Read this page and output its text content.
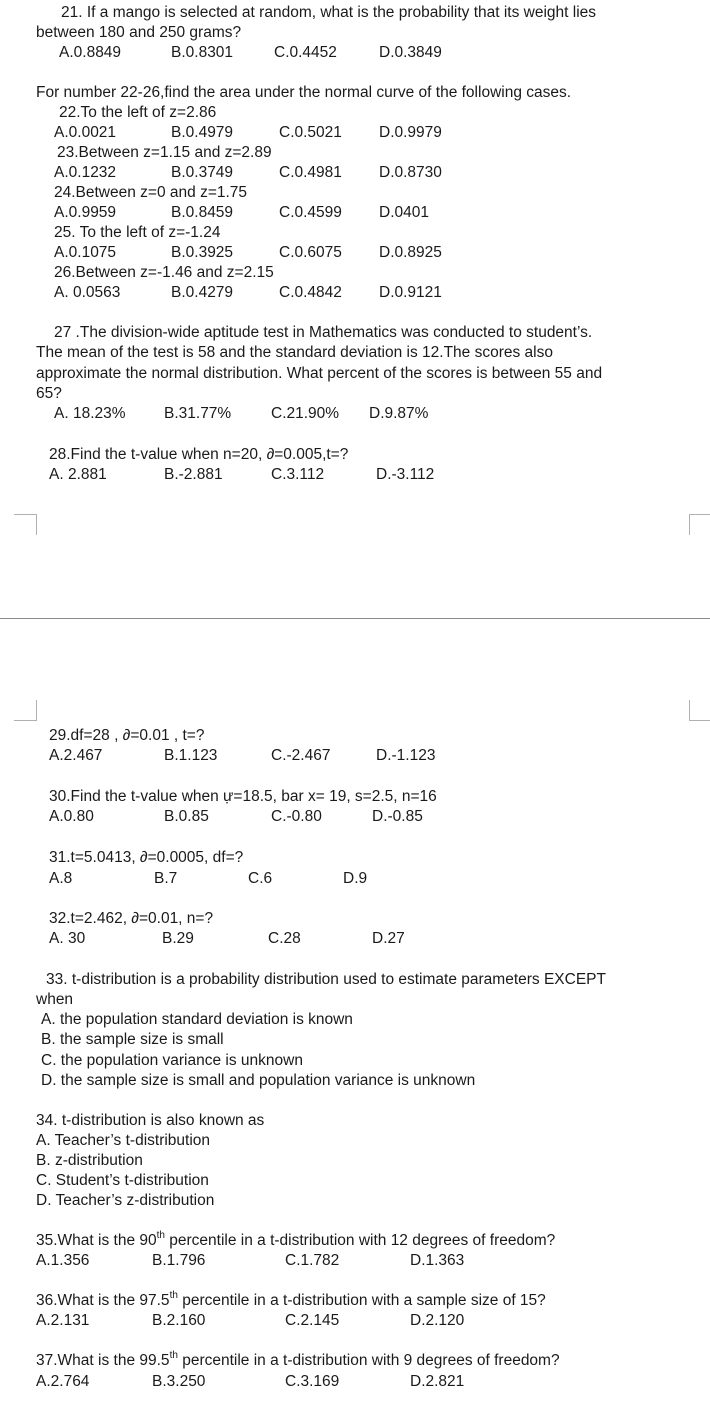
21. If a mango is selected at random, what is the probability that its weight lies
between 180 and 250 grams?
A.0.8849	B.0.8301	C.0.4452	D.0.3849
For number 22-26,find the area under the normal curve of the following cases.
22.To the left of z=2.86
A.0.0021	B.0.4979	C.0.5021 D.0.9979
23.Between z=1.15 and z=2.89
A.0.1232	B.0.3749	C.0.4981 D.0.8730
24.Between z=0 and z=1.75
A.0.9959	B.0.8459	C.0.4599 D.0401
25. To the left of z=-1.24
A.0.1075	B.0.3925	C.0.6075 D.0.8925
26.Between z=-1.46 and z=2.15
A. 0.0563	B.0.4279	C.0.4842 D.0.9121
27 .The division-wide aptitude test in Mathematics was conducted to student’s.
The mean of the test is 58 and the standard deviation is 12.The scores also
approximate the normal distribution. What percent of the scores is between 55 and
65?
A. 18.23% B.31.77%	C.21.90% D.9.87%
28.Find the t-value when n=20, ∂=0.005,t=?
A. 2.881	B.-2.881	C.3.112	D.-3.112
29.df=28 , ∂=0.01 , t=?
A.2.467	B.1.123	C.-2.467	D.-1.123
30.Find the t-value when ự=18.5, bar x= 19, s=2.5, n=16
A.0.80	B.0.85	C.-0.80	D.-0.85
31.t=5.0413, ∂=0.0005, df=?
A.8	B.7	C.6	D.9
32.t=2.462, ∂=0.01, n=?
A. 30	B.29	C.28	D.27
33. t-distribution is a probability distribution used to estimate parameters EXCEPT
when
A. the population standard deviation is known
B. the sample size is small
C. the population variance is unknown
D. the sample size is small and population variance is unknown
34. t-distribution is also known as
A. Teacher’s t-distribution
B. z-distribution
C. Student’s t-distribution
D. Teacher’s z-distribution
35.What is the 90th percentile in a t-distribution with 12 degrees of freedom?
A.1.356	B.1.796	C.1.782	D.1.363
36.What is the 97.5th percentile in a t-distribution with a sample size of 15?
A.2.131	B.2.160	C.2.145	D.2.120
37.What is the 99.5th percentile in a t-distribution with 9 degrees of freedom?
A.2.764	B.3.250	C.3.169	D.2.821
